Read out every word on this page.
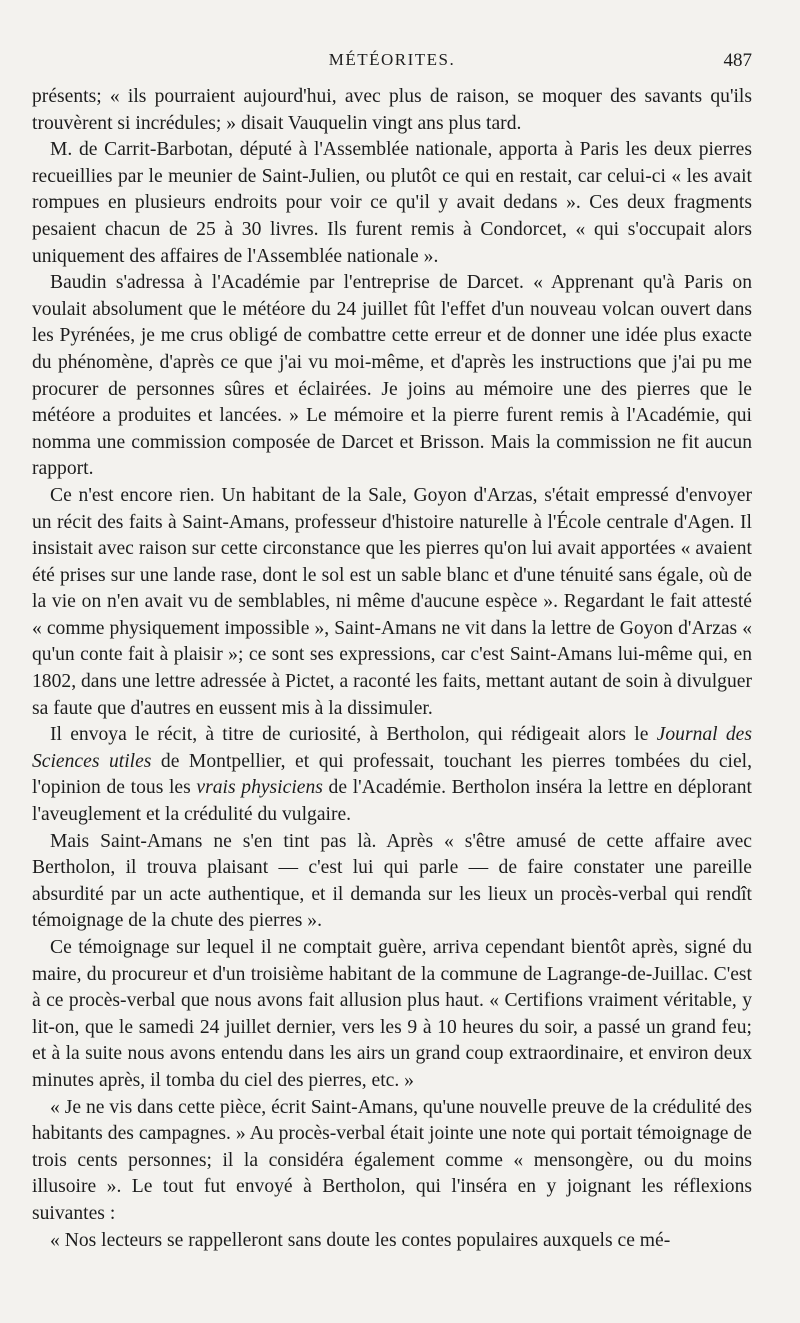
MÉTÉORITES.	487

présents; « ils pourraient aujourd'hui, avec plus de raison, se moquer des savants qu'ils trouvèrent si incrédules; » disait Vauquelin vingt ans plus tard.

M. de Carrit-Barbotan, député à l'Assemblée nationale, apporta à Paris les deux pierres recueillies par le meunier de Saint-Julien, ou plutôt ce qui en restait, car celui-ci « les avait rompues en plusieurs endroits pour voir ce qu'il y avait dedans ». Ces deux fragments pesaient chacun de 25 à 30 livres. Ils furent remis à Condorcet, « qui s'occupait alors uniquement des affaires de l'Assemblée nationale ».

Baudin s'adressa à l'Académie par l'entreprise de Darcet. « Apprenant qu'à Paris on voulait absolument que le météore du 24 juillet fût l'effet d'un nouveau volcan ouvert dans les Pyrénées, je me crus obligé de combattre cette erreur et de donner une idée plus exacte du phénomène, d'après ce que j'ai vu moi-même, et d'après les instructions que j'ai pu me procurer de personnes sûres et éclairées. Je joins au mémoire une des pierres que le météore a produites et lancées. » Le mémoire et la pierre furent remis à l'Académie, qui nomma une commission composée de Darcet et Brisson. Mais la commission ne fit aucun rapport.

Ce n'est encore rien. Un habitant de la Sale, Goyon d'Arzas, s'était empressé d'envoyer un récit des faits à Saint-Amans, professeur d'histoire naturelle à l'École centrale d'Agen. Il insistait avec raison sur cette circonstance que les pierres qu'on lui avait apportées « avaient été prises sur une lande rase, dont le sol est un sable blanc et d'une ténuité sans égale, où de la vie on n'en avait vu de semblables, ni même d'aucune espèce ». Regardant le fait attesté « comme physiquement impossible », Saint-Amans ne vit dans la lettre de Goyon d'Arzas « qu'un conte fait à plaisir »; ce sont ses expressions, car c'est Saint-Amans lui-même qui, en 1802, dans une lettre adressée à Pictet, a raconté les faits, mettant autant de soin à divulguer sa faute que d'autres en eussent mis à la dissimuler.

Il envoya le récit, à titre de curiosité, à Bertholon, qui rédigeait alors le Journal des Sciences utiles de Montpellier, et qui professait, touchant les pierres tombées du ciel, l'opinion de tous les vrais physiciens de l'Académie. Bertholon inséra la lettre en déplorant l'aveuglement et la crédulité du vulgaire.

Mais Saint-Amans ne s'en tint pas là. Après « s'être amusé de cette affaire avec Bertholon, il trouva plaisant — c'est lui qui parle — de faire constater une pareille absurdité par un acte authentique, et il demanda sur les lieux un procès-verbal qui rendît témoignage de la chute des pierres ».

Ce témoignage sur lequel il ne comptait guère, arriva cependant bientôt après, signé du maire, du procureur et d'un troisième habitant de la commune de Lagrange-de-Juillac. C'est à ce procès-verbal que nous avons fait allusion plus haut. « Certifions vraiment véritable, y lit-on, que le samedi 24 juillet dernier, vers les 9 à 10 heures du soir, a passé un grand feu; et à la suite nous avons entendu dans les airs un grand coup extraordinaire, et environ deux minutes après, il tomba du ciel des pierres, etc. »

« Je ne vis dans cette pièce, écrit Saint-Amans, qu'une nouvelle preuve de la crédulité des habitants des campagnes. » Au procès-verbal était jointe une note qui portait témoignage de trois cents personnes; il la considéra également comme « mensongère, ou du moins illusoire ». Le tout fut envoyé à Bertholon, qui l'inséra en y joignant les réflexions suivantes :

« Nos lecteurs se rappelleront sans doute les contes populaires auxquels ce mé-
